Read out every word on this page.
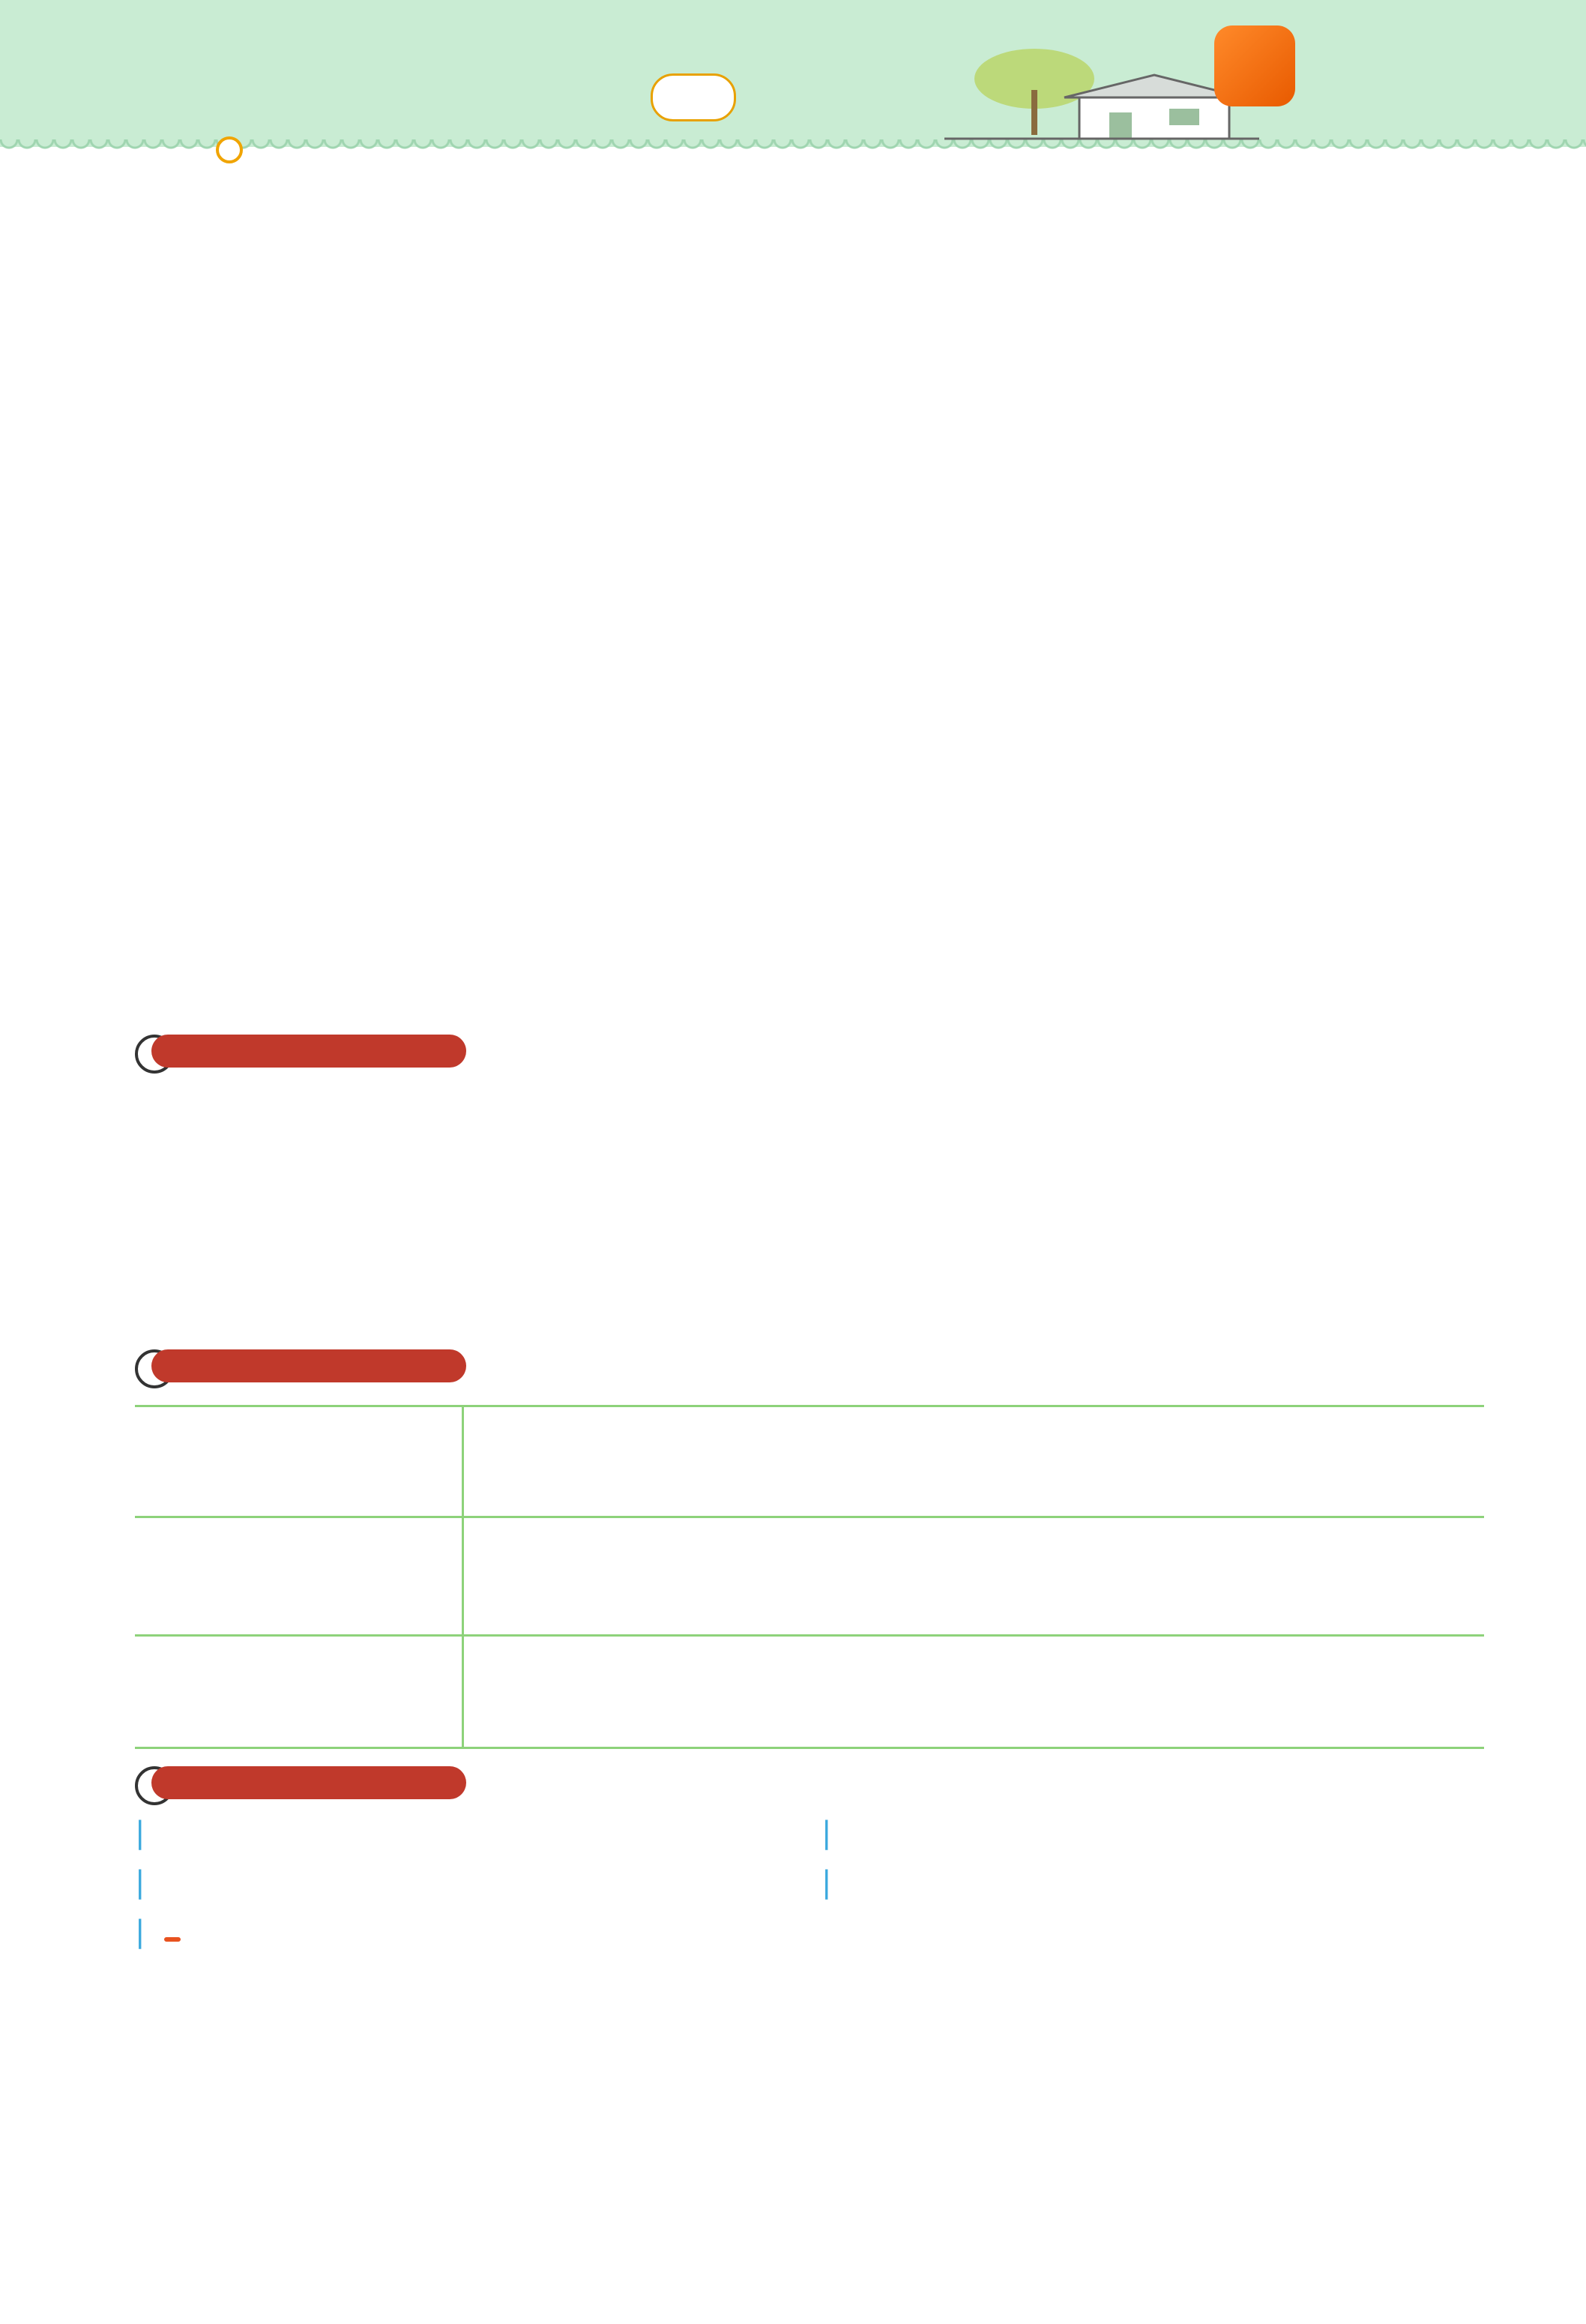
|
|
|
|
|
